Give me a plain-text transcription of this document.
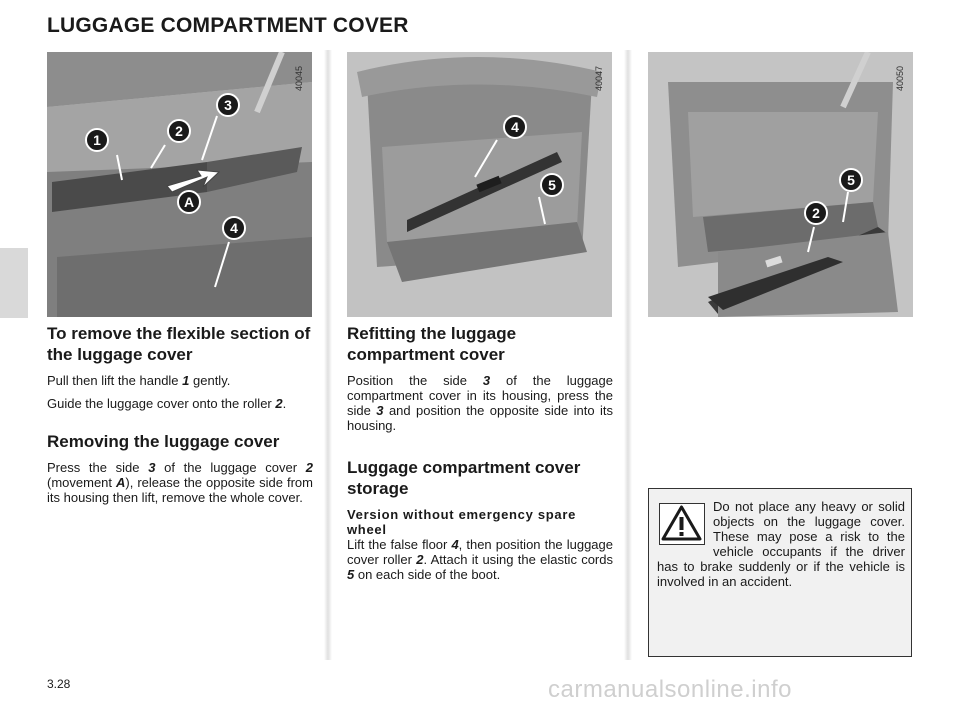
LUGGAGE COMPARTMENT COVER
1
2
3
A
4
40045
4
5
40047
5
2
40050
To remove the flexible section of the luggage cover

Pull then lift the handle 1 gently.

Guide the luggage cover onto the roller 2.

Removing the luggage cover

Press the side 3 of the luggage cover 2 (movement A), release the opposite side from its housing then lift, remove the whole cover.

Refitting the luggage compartment cover

Position the side 3 of the luggage compartment cover in its housing, press the side 3 and position the opposite side into its housing.

Luggage compartment cover storage
Version without emergency spare wheel

Lift the false floor 4, then position the luggage cover roller 2. Attach it using the elastic cords 5 on each side of the boot.

Do not place any heavy or solid objects on the luggage cover. These may pose a risk to the vehicle occupants if the driver has to brake suddenly or if the vehicle is involved in an accident.
3.28	carmanualsonline.info
